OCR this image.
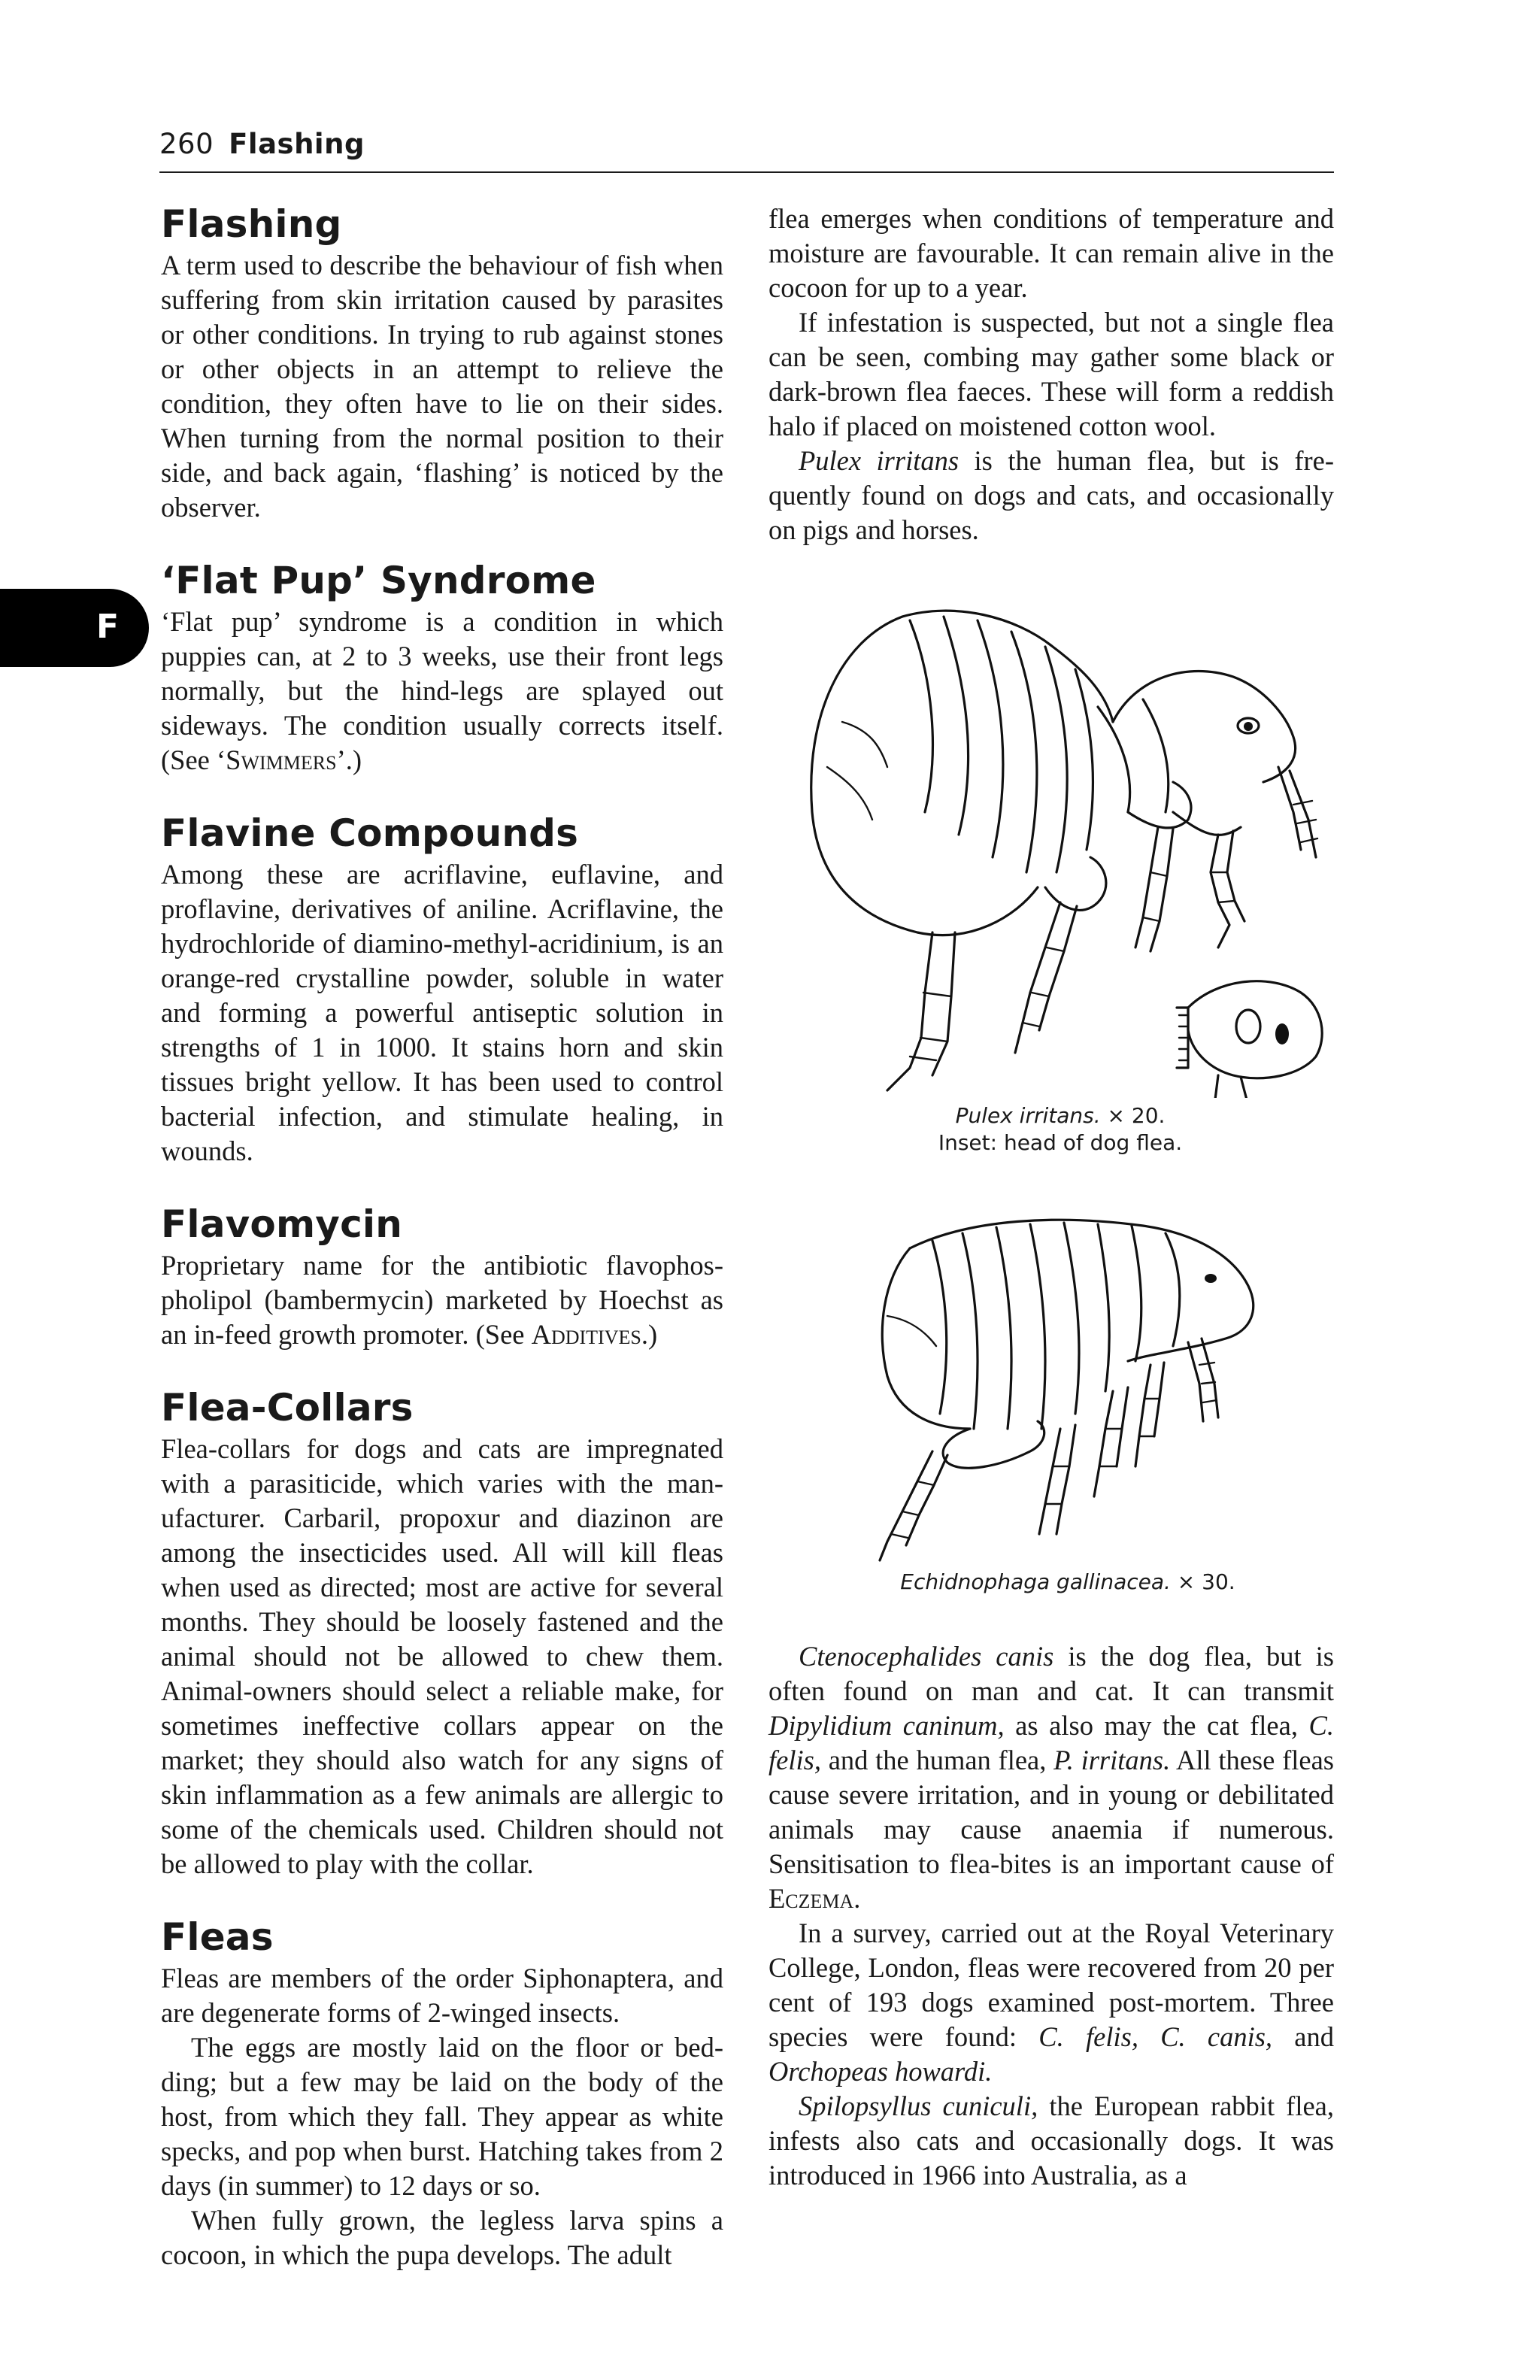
260 Flashing
F
Flashing

A term used to describe the behaviour of fish when suffering from skin irritation caused by parasites or other conditions. In trying to rub against stones or other objects in an attempt to relieve the condition, they often have to lie on their sides. When turning from the normal position to their side, and back again, ‘flashing’ is noticed by the observer.

‘Flat Pup’ Syndrome

‘Flat pup’ syndrome is a condition in which puppies can, at 2 to 3 weeks, use their front legs normally, but the hind-legs are splayed out sideways. The condition usually corrects itself. (See ‘Swimmers’.)

Flavine Compounds

Among these are acriflavine, euflavine, and proflavine, derivatives of aniline. Acriflavine, the hydrochloride of diamino-methyl-acridinium, is an orange-red crystalline powder, soluble in water and forming a powerful antiseptic solution in strengths of 1 in 1000. It stains horn and skin tissues bright yellow. It has been used to control bacterial infection, and stimulate healing, in wounds.

Flavomycin

Proprietary name for the antibiotic flavophospholipol (bambermycin) marketed by Hoechst as an in-feed growth promoter. (See Additives.)

Flea-Collars

Flea-collars for dogs and cats are impregnated with a parasiticide, which varies with the manufacturer. Carbaril, propoxur and diazinon are among the insecticides used. All will kill fleas when used as directed; most are active for several months. They should be loosely fastened and the animal should not be allowed to chew them. Animal-owners should select a reliable make, for sometimes ineffective collars appear on the market; they should also watch for any signs of skin inflammation as a few animals are allergic to some of the chemicals used. Children should not be allowed to play with the collar.

Fleas

Fleas are members of the order Siphonaptera, and are degenerate forms of 2-winged insects.

The eggs are mostly laid on the floor or bedding; but a few may be laid on the body of the host, from which they fall. They appear as white specks, and pop when burst. Hatching takes from 2 days (in summer) to 12 days or so.

When fully grown, the legless larva spins a cocoon, in which the pupa develops. The adult

flea emerges when conditions of temperature and moisture are favourable. It can remain alive in the cocoon for up to a year.

If infestation is suspected, but not a single flea can be seen, combing may gather some black or dark-brown flea faeces. These will form a reddish halo if placed on moistened cotton wool.

Pulex irritans is the human flea, but is frequently found on dogs and cats, and occasionally on pigs and horses.

Pulex irritans. × 20.
Inset: head of dog flea.
Echidnophaga gallinacea. × 30.

Ctenocephalides canis is the dog flea, but is often found on man and cat. It can transmit Dipylidium caninum, as also may the cat flea, C. felis, and the human flea, P. irritans. All these fleas cause severe irritation, and in young or debilitated animals may cause anaemia if numerous. Sensitisation to flea-bites is an important cause of Eczema.

In a survey, carried out at the Royal Veterinary College, London, fleas were recovered from 20 per cent of 193 dogs examined post-mortem. Three species were found: C. felis, C. canis, and Orchopeas howardi.

Spilopsyllus cuniculi, the European rabbit flea, infests also cats and occasionally dogs. It was introduced in 1966 into Australia, as a
